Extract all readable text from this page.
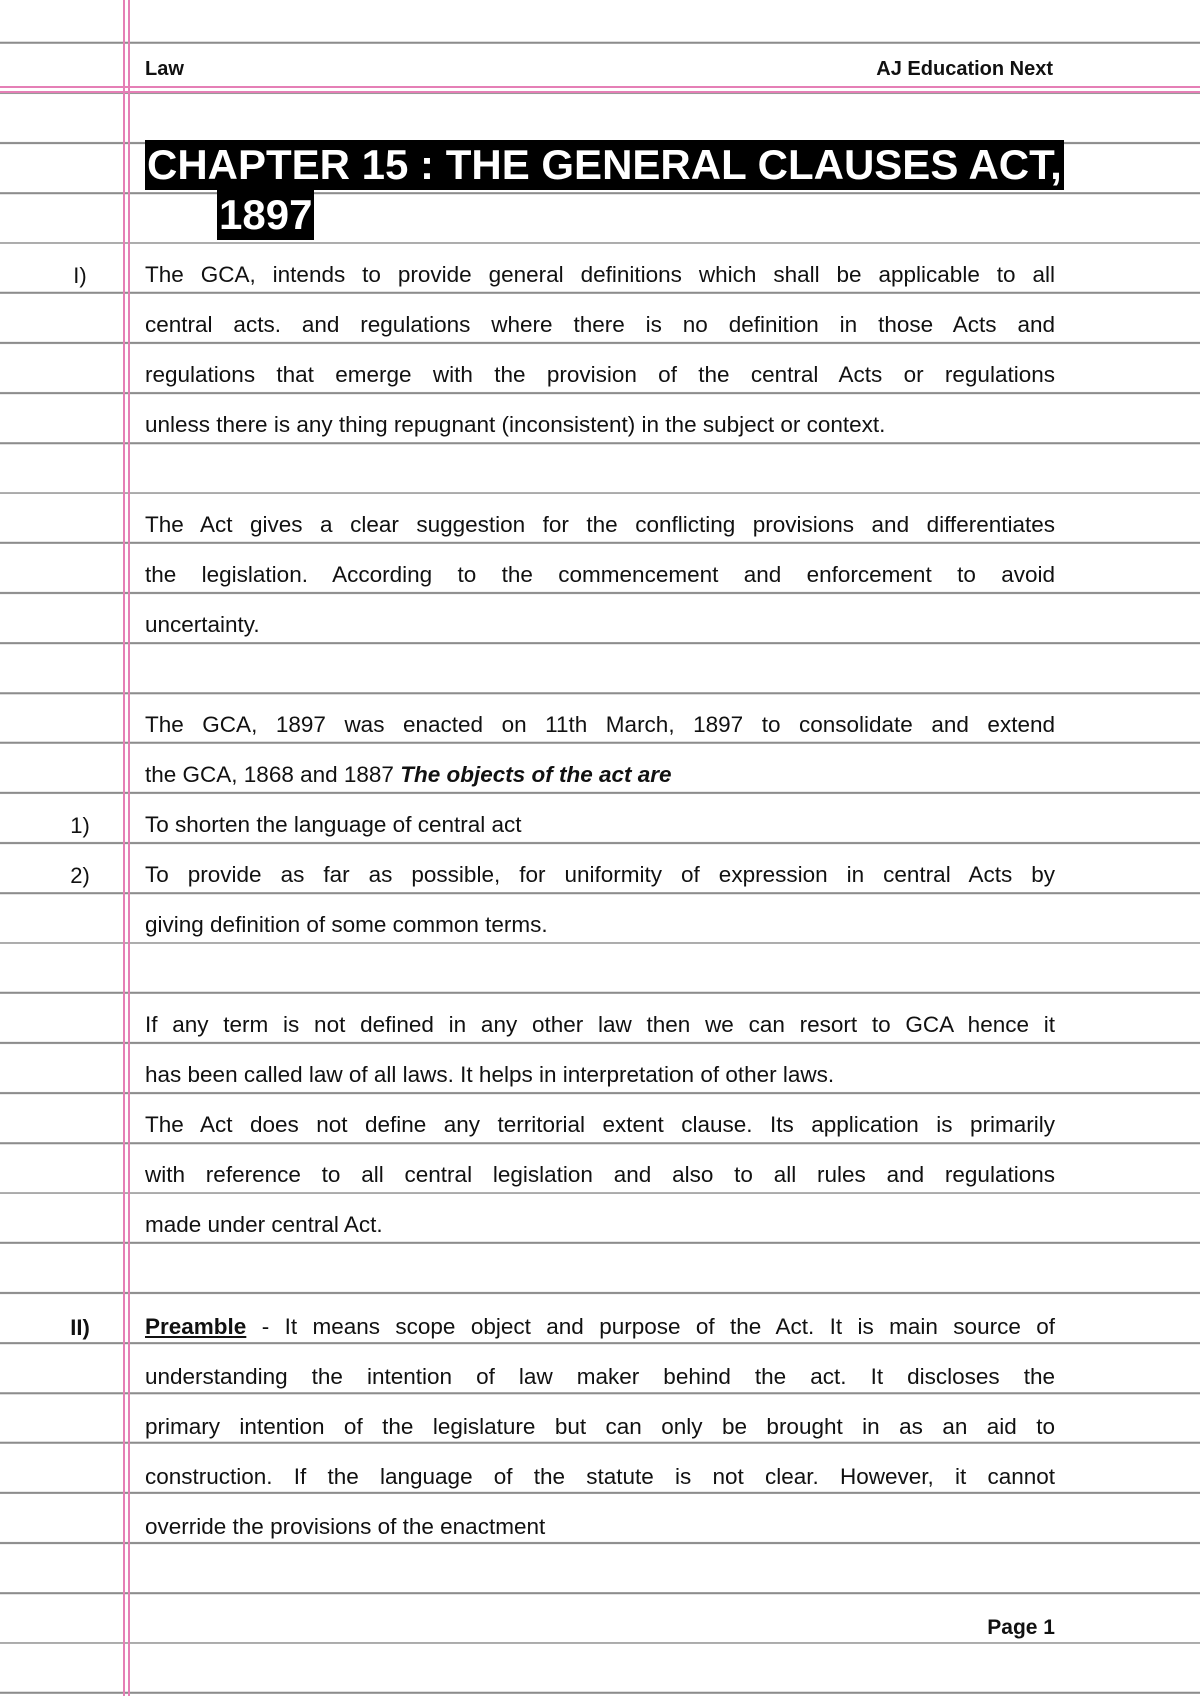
Law	AJ Education Next
CHAPTER 15 : THE GENERAL CLAUSES ACT,
1897
I)	The GCA, intends to provide general definitions which shall be applicable to all
central acts. and regulations where there is no definition in those Acts and
regulations that emerge with the provision of the central Acts or regulations
unless there is any thing repugnant (inconsistent) in the subject or context.
The Act gives a clear suggestion for the conflicting provisions and differentiates
the legislation. According to the commencement and enforcement to avoid
uncertainty.
The GCA, 1897 was enacted on 11th March, 1897 to consolidate and extend
the GCA, 1868 and 1887 The objects of the act are
1)	To shorten the language of central act
2)	To provide as far as possible, for uniformity of expression in central Acts by
giving definition of some common terms.
If any term is not defined in any other law then we can resort to GCA hence it
has been called law of all laws. It helps in interpretation of other laws.
The Act does not define any territorial extent clause. Its application is primarily
with reference to all central legislation and also to all rules and regulations
made under central Act.
II)	Preamble - It means scope object and purpose of the Act. It is main source of
understanding the intention of law maker behind the act. It discloses the
primary intention of the legislature but can only be brought in as an aid to
construction. If the language of the statute is not clear. However, it cannot
override the provisions of the enactment
Page 1
